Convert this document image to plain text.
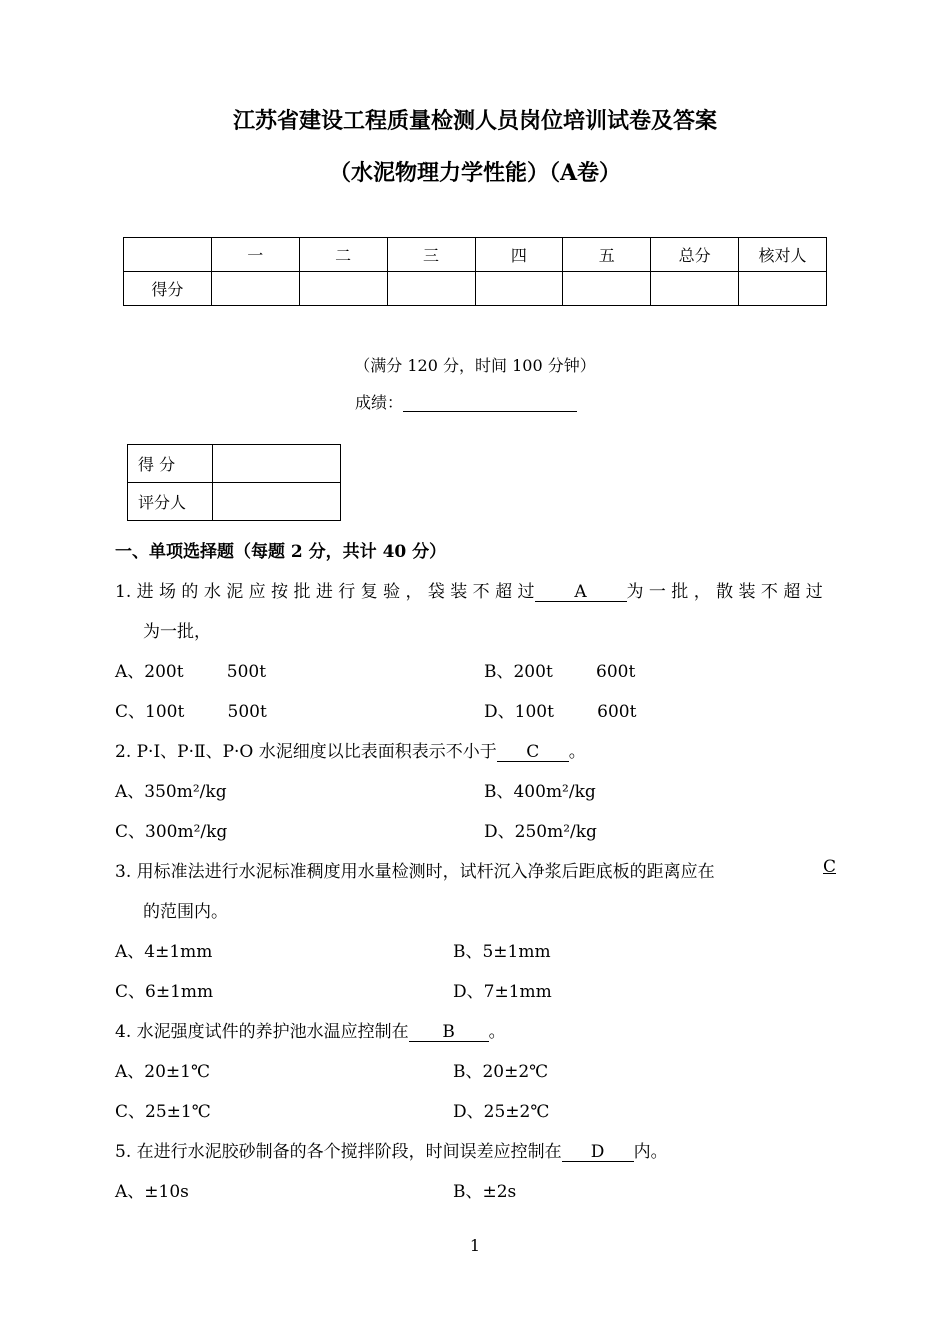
江苏省建设工程质量检测人员岗位培训试卷及答案
（水泥物理力学性能）（A卷）
	一	二	三	四	五	总分	核对人
得分							
（满分 120 分，时间 100 分钟）
成绩：
得 分	
评分人	
一、单项选择题（每题 2 分，共计 40 分）
1. 进 场 的 水 泥 应 按 批 进 行 复 验 ， 袋 装 不 超 过 A 为 一 批 ， 散 装 不 超 过
为一批，
A、200t        500t	B、200t        600t
C、100t        500t	D、100t        600t
2. P·Ⅰ、P·Ⅱ、P·O 水泥细度以比表面积表示不小于 C 。
A、350m²/kg	B、400m²/kg
C、300m²/kg	D、250m²/kg
3. 用标准法进行水泥标准稠度用水量检测时，试杆沉入净浆后距底板的距离应在	C
的范围内。
A、4±1mm	B、5±1mm
C、6±1mm	D、7±1mm
4. 水泥强度试件的养护池水温应控制在 B 。
A、20±1℃	B、20±2℃
C、25±1℃	D、25±2℃
5. 在进行水泥胶砂制备的各个搅拌阶段，时间误差应控制在 D 内。
A、±10s	B、±2s
1
